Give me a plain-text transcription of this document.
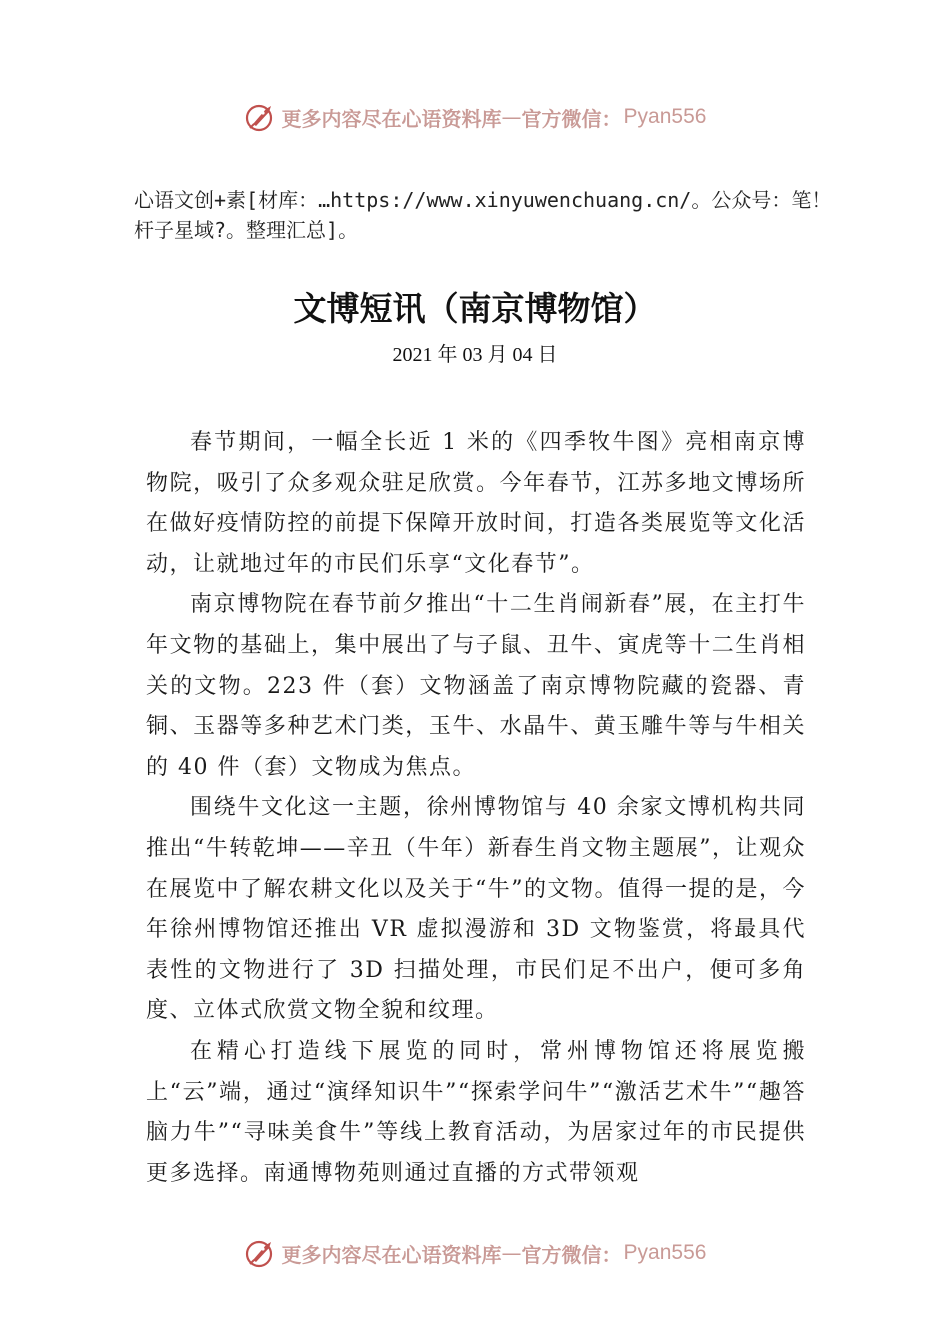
更多内容尽在心语资料库 — 官方微信： Pyan556
心语文创+素[材库：…https://www.xinyuwenchuang.cn/。公众号：笔！杆子星域?。整理汇总]。
文博短讯（南京博物馆）
2021 年 03 月 04 日

春节期间，一幅全长近 1 米的《四季牧牛图》亮相南京博物院，吸引了众多观众驻足欣赏。今年春节，江苏多地文博场所在做好疫情防控的前提下保障开放时间，打造各类展览等文化活动，让就地过年的市民们乐享“文化春节”。

南京博物院在春节前夕推出“十二生肖闹新春”展，在主打牛年文物的基础上，集中展出了与子鼠、丑牛、寅虎等十二生肖相关的文物。223 件（套）文物涵盖了南京博物院藏的瓷器、青铜、玉器等多种艺术门类，玉牛、水晶牛、黄玉雕牛等与牛相关的 40 件（套）文物成为焦点。

围绕牛文化这一主题，徐州博物馆与 40 余家文博机构共同推出“牛转乾坤——辛丑（牛年）新春生肖文物主题展”，让观众在展览中了解农耕文化以及关于“牛”的文物。值得一提的是，今年徐州博物馆还推出 VR 虚拟漫游和 3D 文物鉴赏，将最具代表性的文物进行了 3D 扫描处理，市民们足不出户，便可多角度、立体式欣赏文物全貌和纹理。

在精心打造线下展览的同时，常州博物馆还将展览搬上“云”端，通过“演绎知识牛”“探索学问牛”“激活艺术牛”“趣答脑力牛”“寻味美食牛”等线上教育活动，为居家过年的市民提供更多选择。南通博物苑则通过直播的方式带领观

更多内容尽在心语资料库 — 官方微信： Pyan556
